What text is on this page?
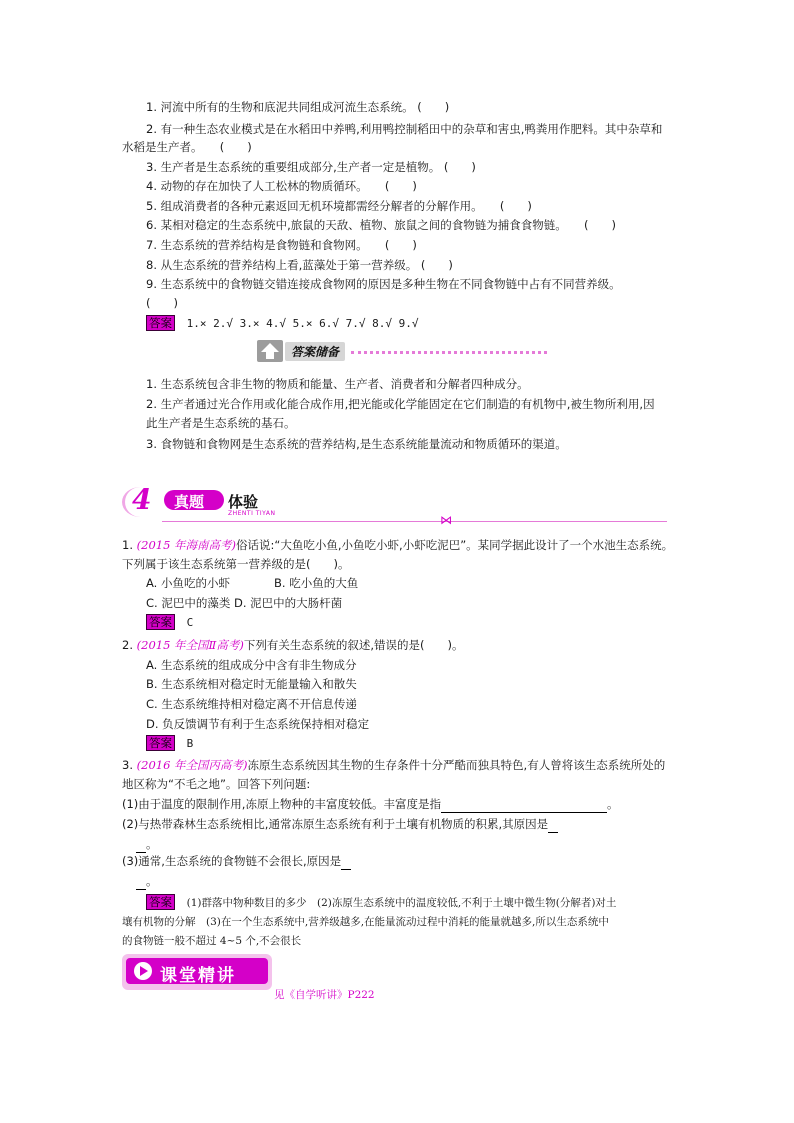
1. 河流中所有的生物和底泥共同组成河流生态系统。 (　　)
2. 有一种生态农业模式是在水稻田中养鸭,利用鸭控制稻田中的杂草和害虫,鸭粪用作肥料。其中杂草和
水稻是生产者。　　(　　)
3. 生产者是生态系统的重要组成部分,生产者一定是植物。 (　　)
4. 动物的存在加快了人工松林的物质循环。　　(　　)
5. 组成消费者的各种元素返回无机环境都需经分解者的分解作用。　　(　　)
6. 某相对稳定的生态系统中,旅鼠的天敌、植物、旅鼠之间的食物链为捕食食物链。　　(　　)
7. 生态系统的营养结构是食物链和食物网。　　(　　)
8. 从生态系统的营养结构上看,蓝藻处于第一营养级。 (　　)
9. 生态系统中的食物链交错连接成食物网的原因是多种生物在不同食物链中占有不同营养级。
(　　)
答案 1.× 2.√ 3.× 4.√ 5.× 6.√ 7.√ 8.√ 9.√
答案储备
1. 生态系统包含非生物的物质和能量、生产者、消费者和分解者四种成分。
2. 生产者通过光合作用或化能合成作用,把光能或化学能固定在它们制造的有机物中,被生物所利用,因
此生产者是生态系统的基石。
3. 食物链和食物网是生态系统的营养结构,是生态系统能量流动和物质循环的渠道。
4 真题 体验
ZHENTI TIYAN	⋈
1. (2015 年海南高考)俗话说:“大鱼吃小鱼,小鱼吃小虾,小虾吃泥巴”。某同学据此设计了一个水池生态系统。
下列属于该生态系统第一营养级的是(　　)。
A. 小鱼吃的小虾	B. 吃小鱼的大鱼
C. 泥巴中的藻类 D. 泥巴中的大肠杆菌
答案 C
2. (2015 年全国Ⅱ高考)下列有关生态系统的叙述,错误的是(　　)。
A. 生态系统的组成成分中含有非生物成分
B. 生态系统相对稳定时无能量输入和散失
C. 生态系统维持相对稳定离不开信息传递
D. 负反馈调节有利于生态系统保持相对稳定
答案 B
3. (2016 年全国丙高考)冻原生态系统因其生物的生存条件十分严酷而独具特色,有人曾将该生态系统所处的
地区称为“不毛之地”。回答下列问题:
(1)由于温度的限制作用,冻原上物种的丰富度较低。丰富度是指	。
(2)与热带森林生态系统相比,通常冻原生态系统有利于土壤有机物质的积累,其原因是
。
(3)通常,生态系统的食物链不会很长,原因是
。
答案 (1)群落中物种数目的多少　(2)冻原生态系统中的温度较低,不利于土壤中微生物(分解者)对土
壤有机物的分解　(3)在一个生态系统中,营养级越多,在能量流动过程中消耗的能量就越多,所以生态系统中
的食物链一般不超过 4~5 个,不会很长
课堂精讲
见《自学听讲》P222
